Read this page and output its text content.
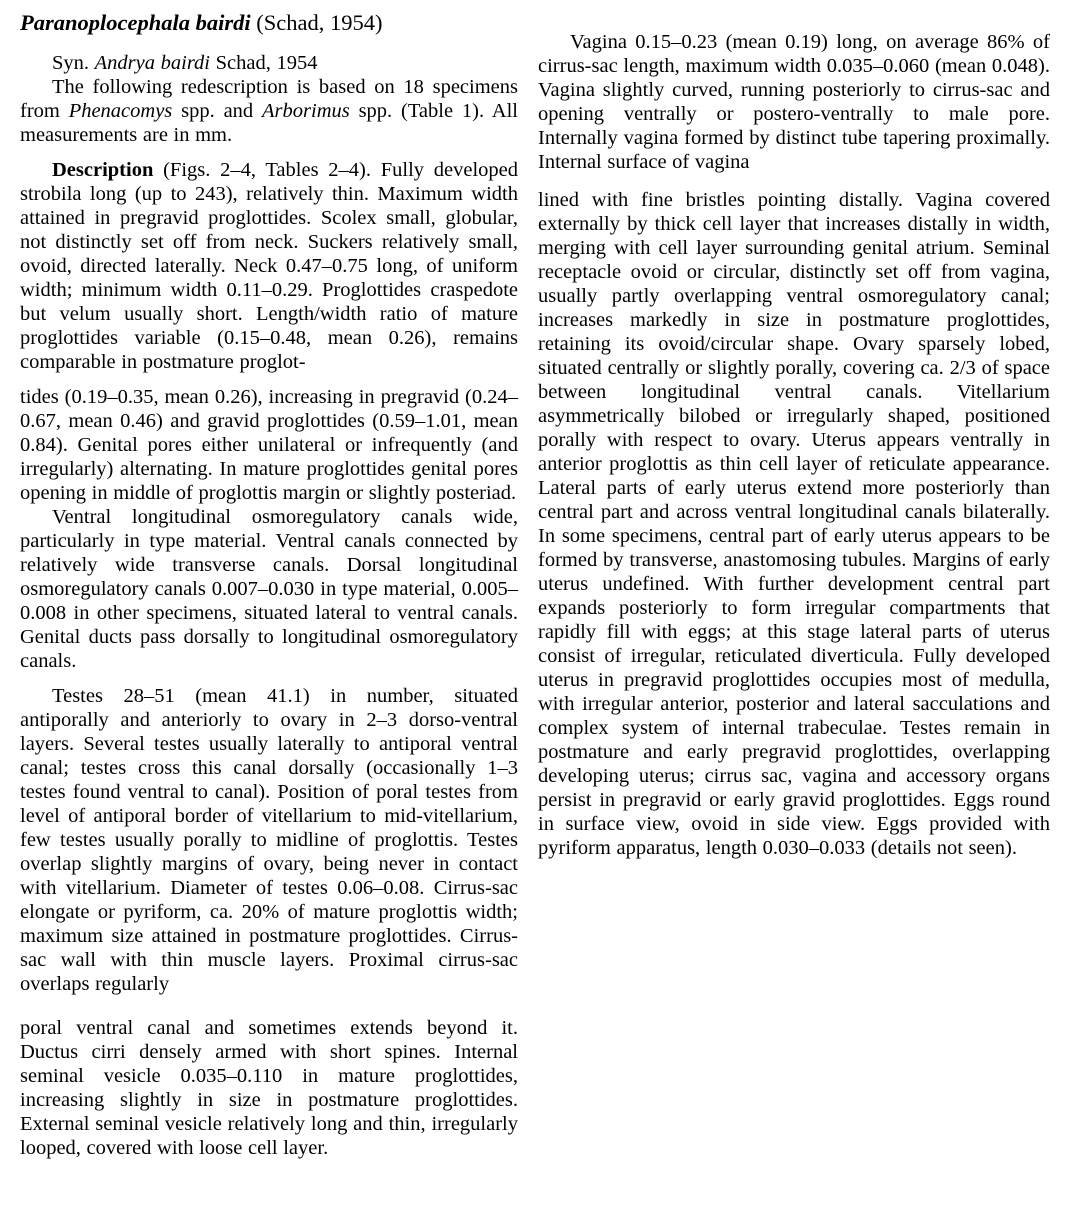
Paranoplocephala bairdi (Schad, 1954)

Syn. Andrya bairdi Schad, 1954

The following redescription is based on 18 specimens from Phenacomys spp. and Arborimus spp. (Table 1). All measurements are in mm.

Description (Figs. 2–4, Tables 2–4). Fully developed strobila long (up to 243), relatively thin. Maximum width attained in pregravid proglottides. Scolex small, globular, not distinctly set off from neck. Suckers relatively small, ovoid, directed laterally. Neck 0.47–0.75 long, of uniform width; minimum width 0.11–0.29. Proglottides craspedote but velum usually short. Length/width ratio of mature proglottides variable (0.15–0.48, mean 0.26), remains comparable in postmature proglot-

tides (0.19–0.35, mean 0.26), increasing in pregravid (0.24–0.67, mean 0.46) and gravid proglottides (0.59–1.01, mean 0.84). Genital pores either unilateral or infrequently (and irregularly) alternating. In mature proglottides genital pores opening in middle of proglottis margin or slightly posteriad.

Ventral longitudinal osmoregulatory canals wide, particularly in type material. Ventral canals connected by relatively wide transverse canals. Dorsal longitudinal osmoregulatory canals 0.007–0.030 in type material, 0.005–0.008 in other specimens, situated lateral to ventral canals. Genital ducts pass dorsally to longitudinal osmoregulatory canals.

Testes 28–51 (mean 41.1) in number, situated antiporally and anteriorly to ovary in 2–3 dorso-ventral layers. Several testes usually laterally to antiporal ventral canal; testes cross this canal dorsally (occasionally 1–3 testes found ventral to canal). Position of poral testes from level of antiporal border of vitellarium to mid-vitellarium, few testes usually porally to midline of proglottis. Testes overlap slightly margins of ovary, being never in contact with vitellarium. Diameter of testes 0.06–0.08. Cirrus-sac elongate or pyriform, ca. 20% of mature proglottis width; maximum size attained in postmature proglottides. Cirrus-sac wall with thin muscle layers. Proximal cirrus-sac overlaps regularly

poral ventral canal and sometimes extends beyond it. Ductus cirri densely armed with short spines. Internal seminal vesicle 0.035–0.110 in mature proglottides, increasing slightly in size in postmature proglottides. External seminal vesicle relatively long and thin, irregularly looped, covered with loose cell layer.

Vagina 0.15–0.23 (mean 0.19) long, on average 86% of cirrus-sac length, maximum width 0.035–0.060 (mean 0.048). Vagina slightly curved, running posteriorly to cirrus-sac and opening ventrally or postero-ventrally to male pore. Internally vagina formed by distinct tube tapering proximally. Internal surface of vagina

lined with fine bristles pointing distally. Vagina covered externally by thick cell layer that increases distally in width, merging with cell layer surrounding genital atrium. Seminal receptacle ovoid or circular, distinctly set off from vagina, usually partly overlapping ventral osmoregulatory canal; increases markedly in size in postmature proglottides, retaining its ovoid/circular shape. Ovary sparsely lobed, situated centrally or slightly porally, covering ca. 2/3 of space between longitudinal ventral canals. Vitellarium asymmetrically bilobed or irregularly shaped, positioned porally with respect to ovary. Uterus appears ventrally in anterior proglottis as thin cell layer of reticulate appearance. Lateral parts of early uterus extend more posteriorly than central part and across ventral longitudinal canals bilaterally. In some specimens, central part of early uterus appears to be formed by transverse, anastomosing tubules. Margins of early uterus undefined. With further development central part expands posteriorly to form irregular compartments that rapidly fill with eggs; at this stage lateral parts of uterus consist of irregular, reticulated diverticula. Fully developed uterus in pregravid proglottides occupies most of medulla, with irregular anterior, posterior and lateral sacculations and complex system of internal trabeculae. Testes remain in postmature and early pregravid proglottides, overlapping developing uterus; cirrus sac, vagina and accessory organs persist in pregravid or early gravid proglottides. Eggs round in surface view, ovoid in side view. Eggs provided with pyriform apparatus, length 0.030–0.033 (details not seen).
